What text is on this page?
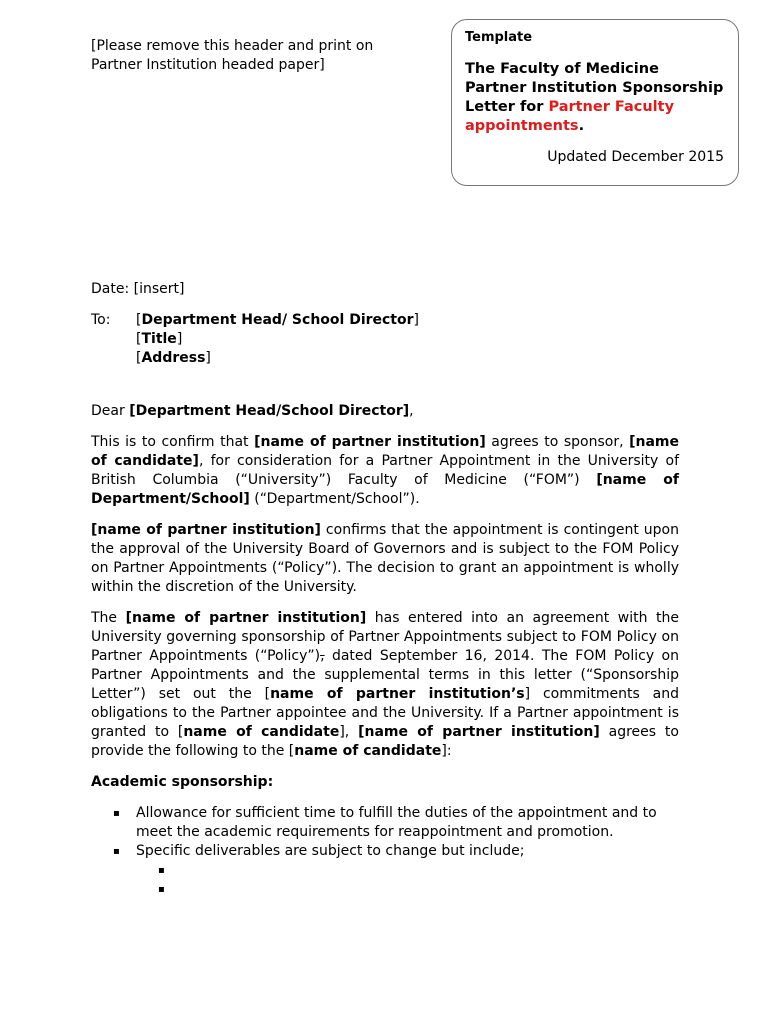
[Please remove this header and print on
Partner Institution headed paper]
Template
The Faculty of Medicine Partner Institution Sponsorship Letter for Partner Faculty appointments.
Updated December 2015
Date: [insert]
To: [Department Head/ School Director]
[Title]
[Address]

Dear [Department Head/School Director],

This is to confirm that [name of partner institution] agrees to sponsor, [name of candidate], for consideration for a Partner Appointment in the University of British Columbia (“University”) Faculty of Medicine (“FOM”) [name of Department/School] (“Department/School”).

[name of partner institution] confirms that the appointment is contingent upon the approval of the University Board of Governors and is subject to the FOM Policy on Partner Appointments (“Policy”). The decision to grant an appointment is wholly within the discretion of the University.

The [name of partner institution] has entered into an agreement with the University governing sponsorship of Partner Appointments subject to FOM Policy on Partner Appointments (“Policy”), dated September 16, 2014. The FOM Policy on Partner Appointments and the supplemental terms in this letter (“Sponsorship Letter”) set out the [name of partner institution’s] commitments and obligations to the Partner appointee and the University. If a Partner appointment is granted to [name of candidate], [name of partner institution] agrees to provide the following to the [name of candidate]:

Academic sponsorship:
▪ Allowance for sufficient time to fulfill the duties of the appointment and to meet the academic requirements for reappointment and promotion.
▪ Specific deliverables are subject to change but include;
▪
▪
